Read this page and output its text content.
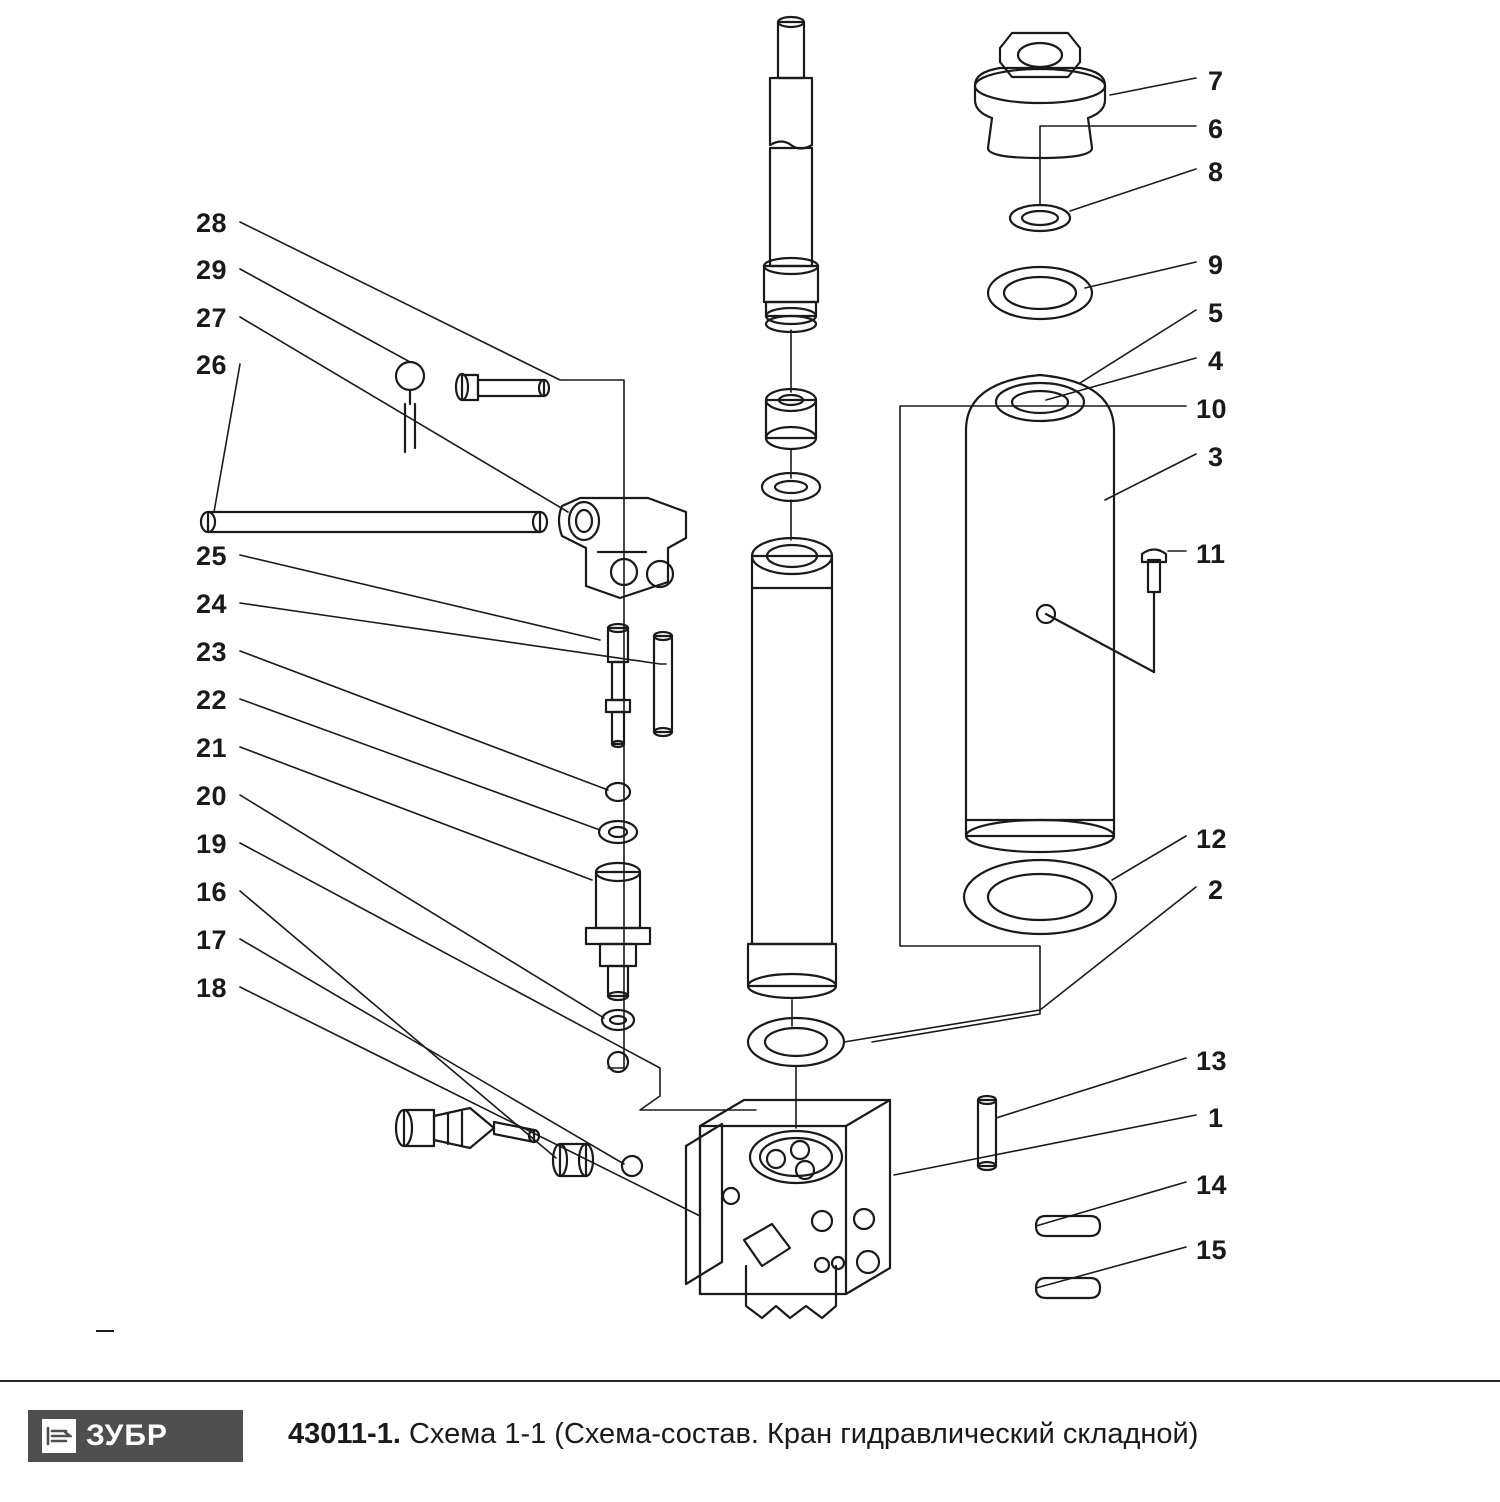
7
6
8
9
5
4
10
3
11
12
2
13
1
14
15
28
29
27
26
25
24
23
22
21
20
19
16
17
18
ЗУБР	43011-1. Схема 1-1 (Схема-состав. Кран гидравлический складной)
